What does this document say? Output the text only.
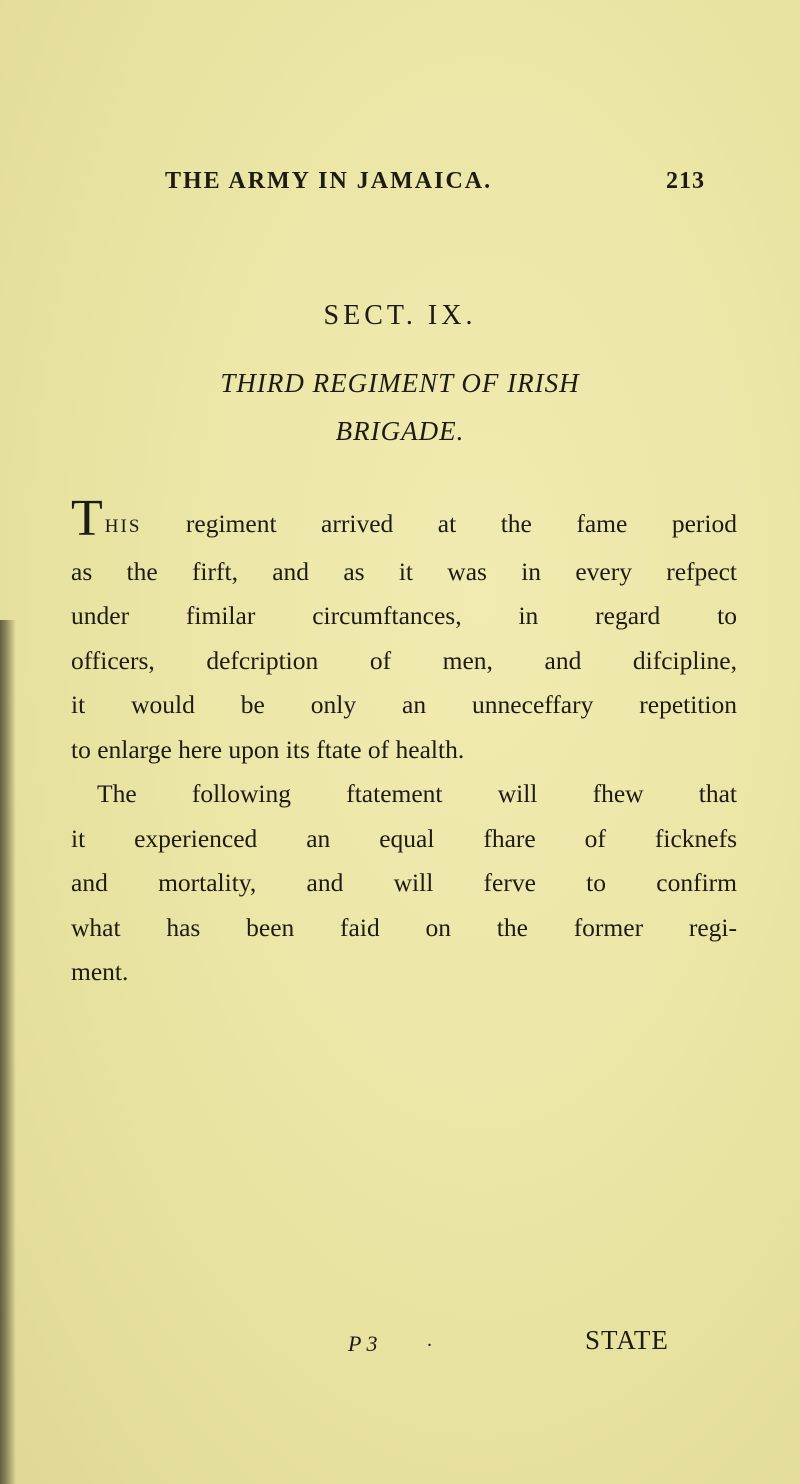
THE ARMY IN JAMAICA.	213
SECT. IX.
THIRD REGIMENT OF IRISH
BRIGADE.
THIS regiment arrived at the fame period
as the firft, and as it was in every refpect
under fimilar circumftances, in regard to
officers, defcription of men, and difcipline,
it would be only an unneceffary repetition
to enlarge here upon its ftate of health.
The following ftatement will fhew that
it experienced an equal fhare of ficknefs
and mortality, and will ferve to confirm
what has been faid on the former regi-
ment.
P 3 .	STATE
